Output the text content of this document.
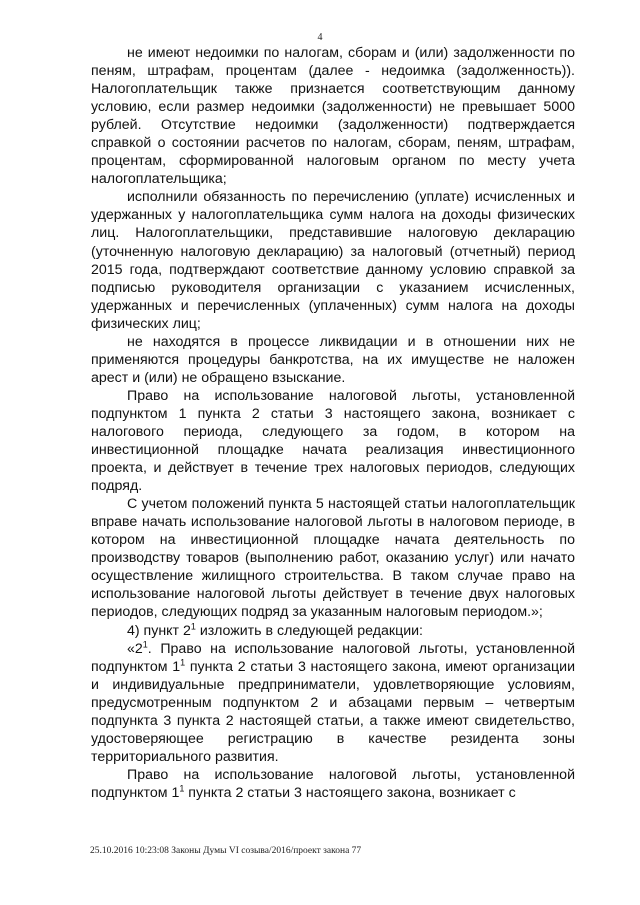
4

не имеют недоимки по налогам, сборам и (или) задолженности по пеням, штрафам, процентам (далее - недоимка (задолженность)). Налогоплательщик также признается соответствующим данному условию, если размер недоимки (задолженности) не превышает 5000 рублей. Отсутствие недоимки (задолженности) подтверждается справкой о состоянии расчетов по налогам, сборам, пеням, штрафам, процентам, сформированной налоговым органом по месту учета налогоплательщика;

исполнили обязанность по перечислению (уплате) исчисленных и удержанных у налогоплательщика сумм налога на доходы физических лиц. Налогоплательщики, представившие налоговую декларацию (уточненную налоговую декларацию) за налоговый (отчетный) период 2015 года, подтверждают соответствие данному условию справкой за подписью руководителя организации с указанием исчисленных, удержанных и перечисленных (уплаченных) сумм налога на доходы физических лиц;

не находятся в процессе ликвидации и в отношении них не применяются процедуры банкротства, на их имуществе не наложен арест и (или) не обращено взыскание.

Право на использование налоговой льготы, установленной подпунктом 1 пункта 2 статьи 3 настоящего закона, возникает с налогового периода, следующего за годом, в котором на инвестиционной площадке начата реализация инвестиционного проекта, и действует в течение трех налоговых периодов, следующих подряд.

С учетом положений пункта 5 настоящей статьи налогоплательщик вправе начать использование налоговой льготы в налоговом периоде, в котором на инвестиционной площадке начата деятельность по производству товаров (выполнению работ, оказанию услуг) или начато осуществление жилищного строительства. В таком случае право на использование налоговой льготы действует в течение двух налоговых периодов, следующих подряд за указанным налоговым периодом.»;

4) пункт $2^1$ изложить в следующей редакции:

«$2^1$. Право на использование налоговой льготы, установленной подпунктом $1^1$ пункта 2 статьи 3 настоящего закона, имеют организации и индивидуальные предприниматели, удовлетворяющие условиям, предусмотренным подпунктом 2 и абзацами первым – четвертым подпункта 3 пункта 2 настоящей статьи, а также имеют свидетельство, удостоверяющее регистрацию в качестве резидента зоны территориального развития.

Право на использование налоговой льготы, установленной подпунктом $1^1$ пункта 2 статьи 3 настоящего закона, возникает с

25.10.2016 10:23:08 Законы Думы VI созыва/2016/проект закона 77
